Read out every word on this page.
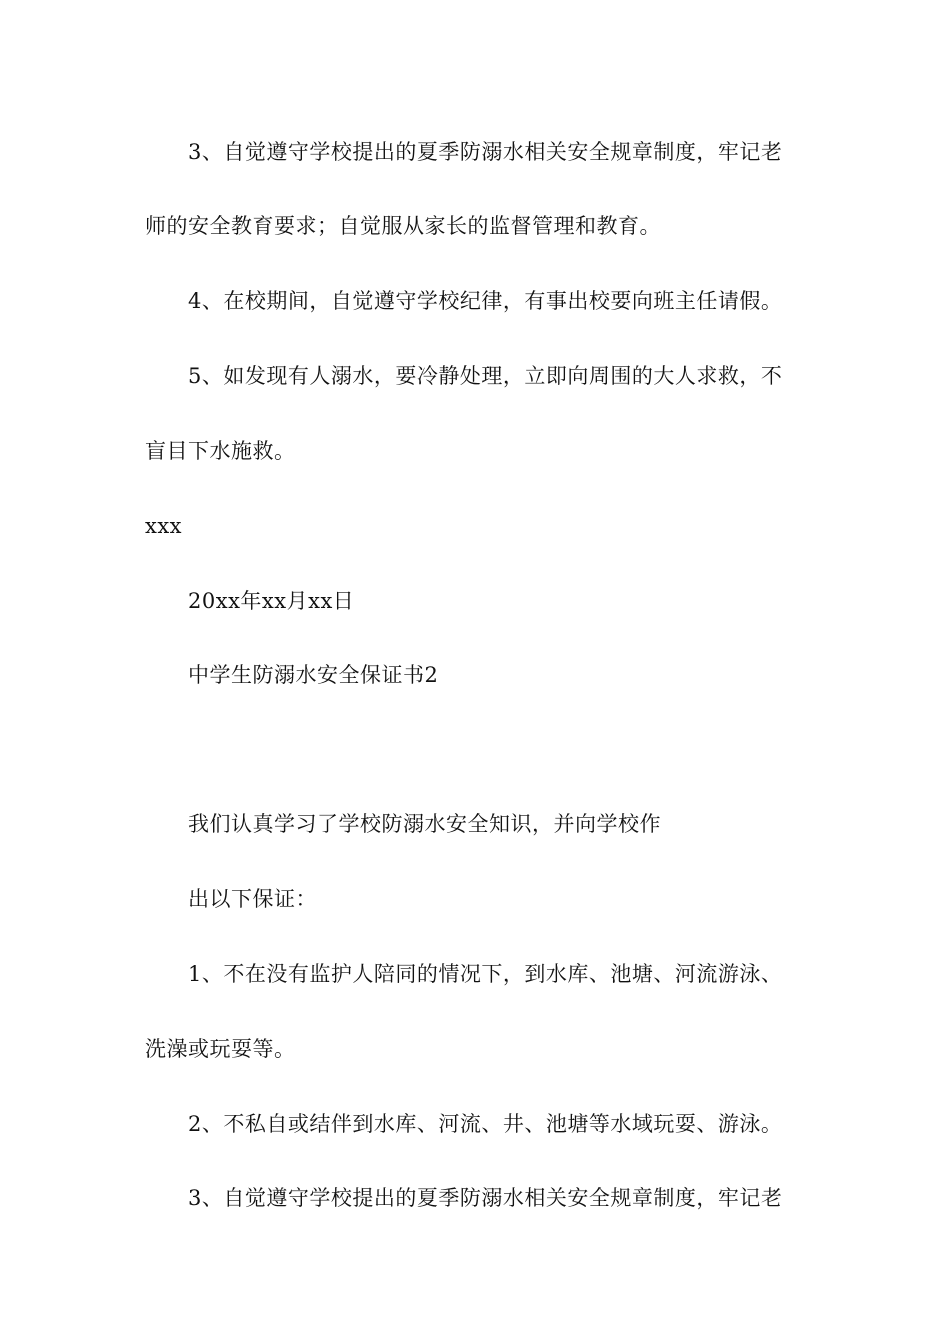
3、自觉遵守学校提出的夏季防溺水相关安全规章制度，牢记老
师的安全教育要求；自觉服从家长的监督管理和教育。
4、在校期间，自觉遵守学校纪律，有事出校要向班主任请假。
5、如发现有人溺水，要冷静处理，立即向周围的大人求救，不
盲目下水施救。
xxx
20xx年xx月xx日
中学生防溺水安全保证书2
我们认真学习了学校防溺水安全知识，并向学校作
出以下保证：
1、不在没有监护人陪同的情况下，到水库、池塘、河流游泳、
洗澡或玩耍等。
2、不私自或结伴到水库、河流、井、池塘等水域玩耍、游泳。
3、自觉遵守学校提出的夏季防溺水相关安全规章制度，牢记老
